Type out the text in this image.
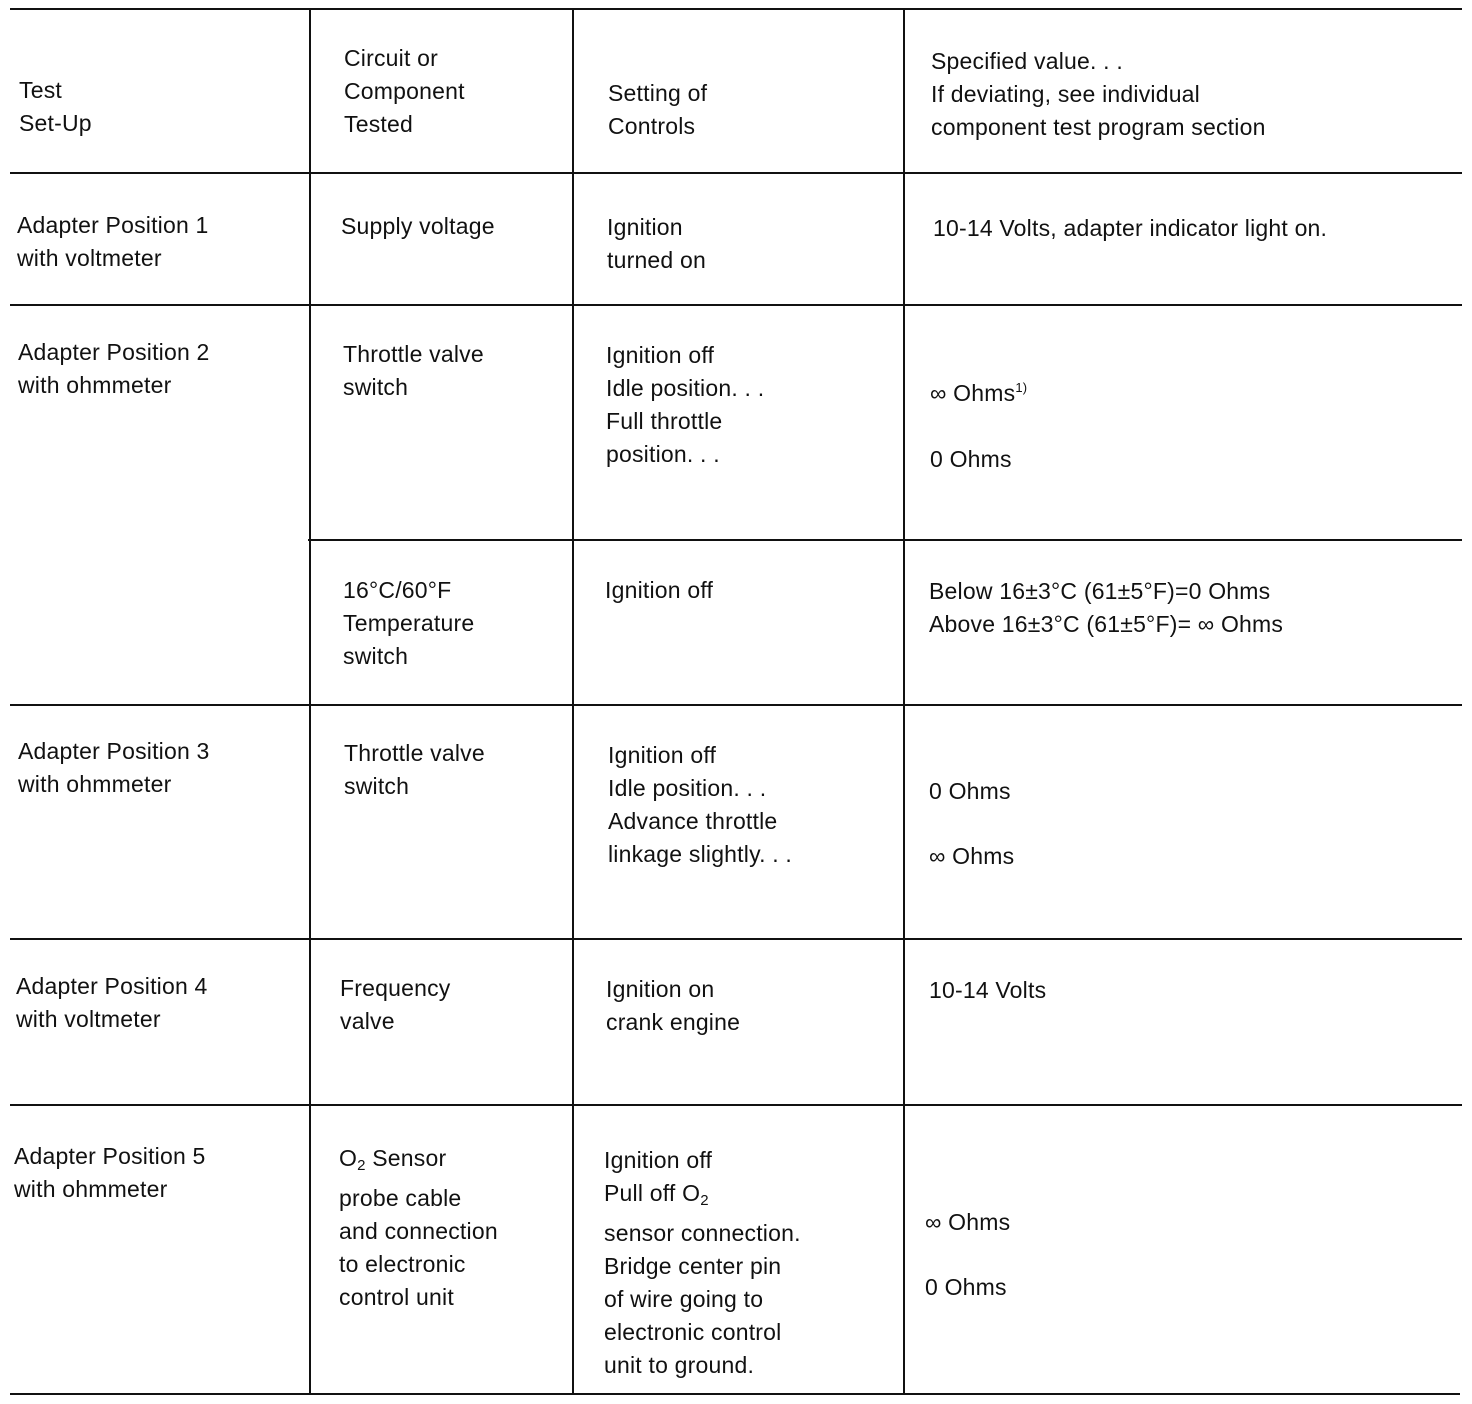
Test
Set-Up
Circuit or
Component
Tested
Setting of
Controls
Specified value. . .
If deviating, see individual
component test program section
Adapter Position 1
with voltmeter
Supply voltage	Ignition
turned on
10-14 Volts, adapter indicator light on.
Adapter Position 2
with ohmmeter
Throttle valve
switch
Ignition off
Idle position. . .
Full throttle
position. . .
∞ Ohms$^{1)}$
0 Ohms
16°C/60°F
Temperature
switch
Ignition off	Below 16±3°C (61±5°F)=0 Ohms
Above 16±3°C (61±5°F)= ∞ Ohms
Adapter Position 3
with ohmmeter
Throttle valve
switch
Ignition off
Idle position. . .
Advance throttle
linkage slightly. . .
0 Ohms
∞ Ohms
Adapter Position 4
with voltmeter
Frequency
valve
Ignition on
crank engine
10-14 Volts
Adapter Position 5
with ohmmeter
$O_2$ Sensor
probe cable
and connection
to electronic
control unit
Ignition off
Pull off $O_2$
sensor connection.
Bridge center pin
of wire going to
electronic control
unit to ground.
∞ Ohms
0 Ohms
